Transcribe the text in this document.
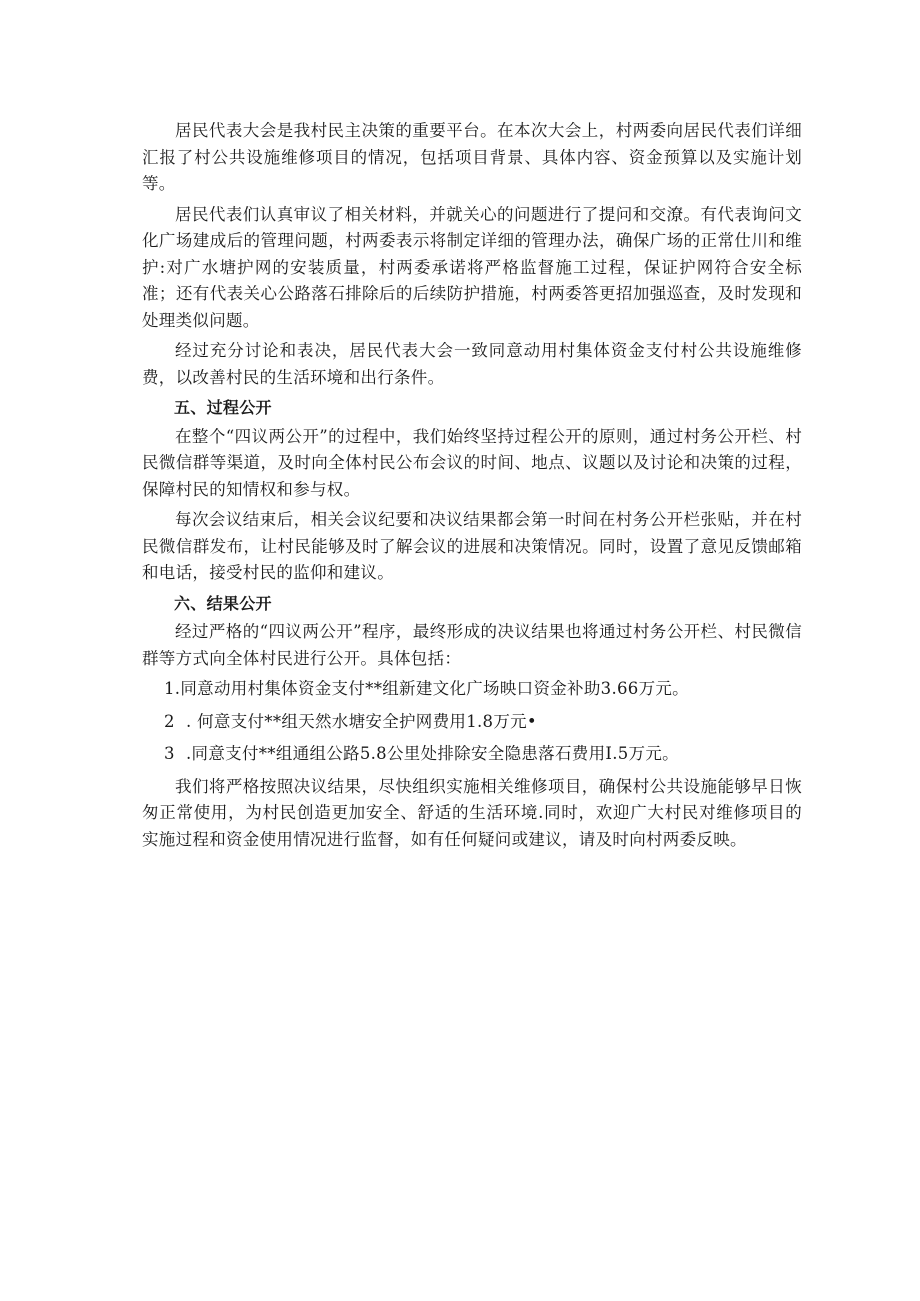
居民代表大会是我村民主决策的重要平台。在本次大会上，村两委向居民代表们详细汇报了村公共设施维修项目的情况，包括项目背景、具体内容、资金预算以及实施计划等。

居民代表们认真审议了相关材料，并就关心的问题进行了提问和交潦。有代表询问文化广场建成后的管理问题，村两委表示将制定详细的管理办法，确保广场的正常仕川和维护:对广水塘护网的安装质量，村两委承诺将严格监督施工过程，保证护网符合安全标准；还有代表关心公路落石排除后的后续防护措施，村两委答更招加强巡查，及时发现和处理类似问题。

经过充分讨论和表决，居民代表大会一致同意动用村集体资金支付村公共设施维修费，以改善村民的生活环境和出行条件。

五、过程公开

在整个“四议两公开”的过程中，我们始终坚持过程公开的原则，通过村务公开栏、村民微信群等渠道，及时向全体村民公布会议的时间、地点、议题以及讨论和决策的过程，保障村民的知情权和参与权。

每次会议结束后，相关会议纪要和决议结果都会第一时间在村务公开栏张贴，并在村民微信群发布，让村民能够及时了解会议的进展和决策情况。同时，设置了意见反馈邮箱和电话，接受村民的监仰和建议。

六、结果公开

经过严格的“四议两公开”程序，最终形成的决议结果也将通过村务公开栏、村民微信群等方式向全体村民进行公开。具体包括：

1.同意动用村集体资金支付**组新建文化广场映口资金补助3.66万元。
2 . 何意支付**组天然水塘安全护网费用1.8万元•
3 .同意支付**组通组公路5.8公里处排除安全隐患落石费用I.5万元。

我们将严格按照决议结果，尽快组织实施相关维修项目，确保村公共设施能够早日恢匆正常使用，为村民创造更加安全、舒适的生活环境.同时，欢迎广大村民对维修项目的实施过程和资金使用情况进行监督，如有任何疑问或建议，请及时向村两委反映。
